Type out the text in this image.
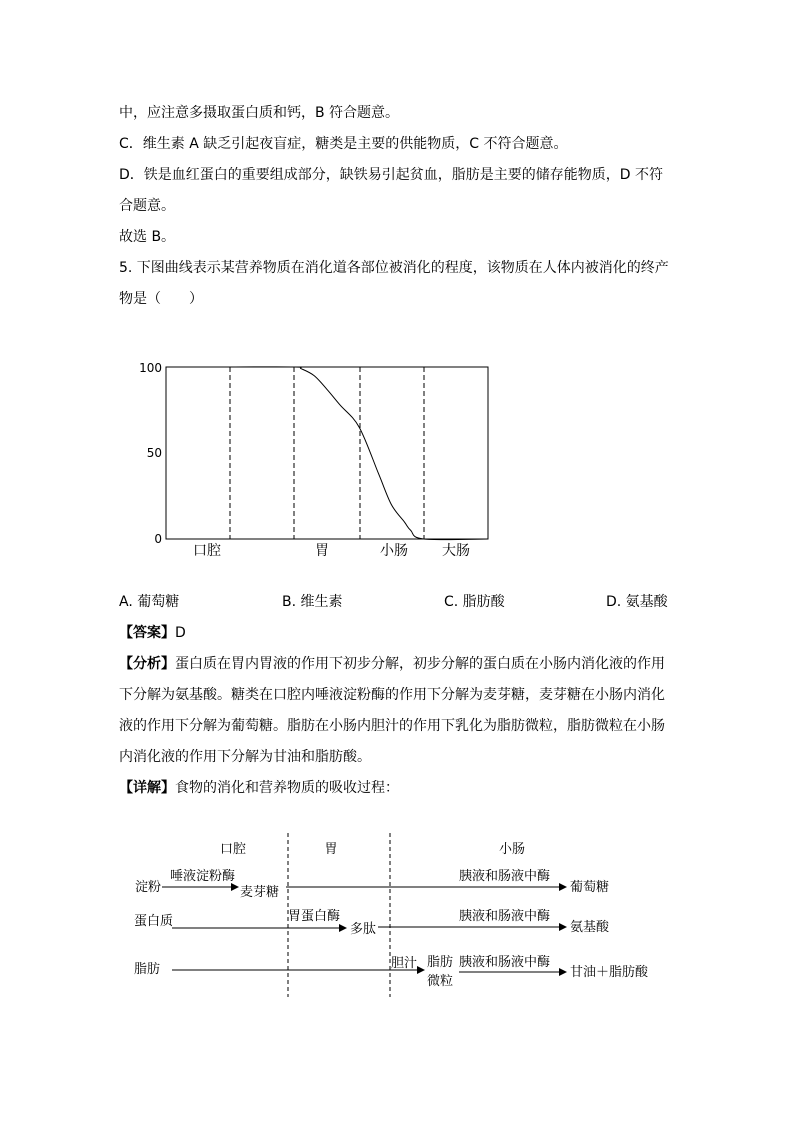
中，应注意多摄取蛋白质和钙，B 符合题意。
C．维生素 A 缺乏引起夜盲症，糖类是主要的供能物质，C 不符合题意。
D．铁是血红蛋白的重要组成部分，缺铁易引起贫血，脂肪是主要的储存能物质，D 不符
合题意。
故选 B。
5. 下图曲线表示某营养物质在消化道各部位被消化的程度，该物质在人体内被消化的终产
物是（　　）
100
50
0
口腔	胃	小肠 大肠
A. 葡萄糖	B. 维生素	C. 脂肪酸	D. 氨基酸
【答案】D
【分析】蛋白质在胃内胃液的作用下初步分解，初步分解的蛋白质在小肠内消化液的作用
下分解为氨基酸。糖类在口腔内唾液淀粉酶的作用下分解为麦芽糖，麦芽糖在小肠内消化
液的作用下分解为葡萄糖。脂肪在小肠内胆汁的作用下乳化为脂肪微粒，脂肪微粒在小肠
内消化液的作用下分解为甘油和脂肪酸。
【详解】食物的消化和营养物质的吸收过程：
口腔	胃	小肠
淀粉
唾液淀粉酶
麦芽糖
胰液和肠液中酶
葡萄糖
蛋白质	胃蛋白酶
多肽
胰液和肠液中酶
氨基酸
脂肪	胆汁 脂肪
微粒
胰液和肠液中酶
甘油＋脂肪酸
